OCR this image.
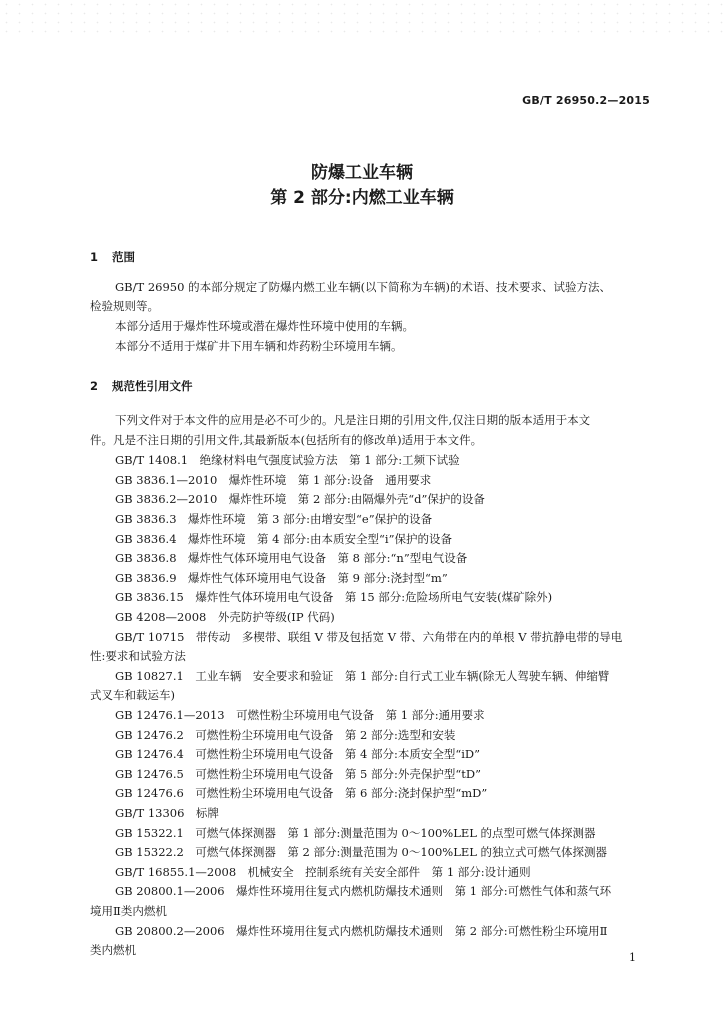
GB/T 26950.2—2015
防爆工业车辆
第 2 部分:内燃工业车辆
1 范围
GB/T 26950 的本部分规定了防爆内燃工业车辆(以下简称为车辆)的术语、技术要求、试验方法、
检验规则等。
本部分适用于爆炸性环境或潜在爆炸性环境中使用的车辆。
本部分不适用于煤矿井下用车辆和炸药粉尘环境用车辆。
2 规范性引用文件
下列文件对于本文件的应用是必不可少的。凡是注日期的引用文件,仅注日期的版本适用于本文
件。凡是不注日期的引用文件,其最新版本(包括所有的修改单)适用于本文件。
GB/T 1408.1　绝缘材料电气强度试验方法　第 1 部分:工频下试验
GB 3836.1—2010　爆炸性环境　第 1 部分:设备　通用要求
GB 3836.2—2010　爆炸性环境　第 2 部分:由隔爆外壳“d”保护的设备
GB 3836.3　爆炸性环境　第 3 部分:由增安型“e”保护的设备
GB 3836.4　爆炸性环境　第 4 部分:由本质安全型“i”保护的设备
GB 3836.8　爆炸性气体环境用电气设备　第 8 部分:“n”型电气设备
GB 3836.9　爆炸性气体环境用电气设备　第 9 部分:浇封型“m”
GB 3836.15　爆炸性气体环境用电气设备　第 15 部分:危险场所电气安装(煤矿除外)
GB 4208—2008　外壳防护等级(IP 代码)
GB/T 10715　带传动　多楔带、联组 V 带及包括宽 V 带、六角带在内的单根 V 带抗静电带的导电
性:要求和试验方法
GB 10827.1　工业车辆　安全要求和验证　第 1 部分:自行式工业车辆(除无人驾驶车辆、伸缩臂
式叉车和载运车)
GB 12476.1—2013　可燃性粉尘环境用电气设备　第 1 部分:通用要求
GB 12476.2　可燃性粉尘环境用电气设备　第 2 部分:选型和安装
GB 12476.4　可燃性粉尘环境用电气设备　第 4 部分:本质安全型“iD”
GB 12476.5　可燃性粉尘环境用电气设备　第 5 部分:外壳保护型“tD”
GB 12476.6　可燃性粉尘环境用电气设备　第 6 部分:浇封保护型“mD”
GB/T 13306　标牌
GB 15322.1　可燃气体探测器　第 1 部分:测量范围为 0～100%LEL 的点型可燃气体探测器
GB 15322.2　可燃气体探测器　第 2 部分:测量范围为 0～100%LEL 的独立式可燃气体探测器
GB/T 16855.1—2008　机械安全　控制系统有关安全部件　第 1 部分:设计通则
GB 20800.1—2006　爆炸性环境用往复式内燃机防爆技术通则　第 1 部分:可燃性气体和蒸气环
境用Ⅱ类内燃机
GB 20800.2—2006　爆炸性环境用往复式内燃机防爆技术通则　第 2 部分:可燃性粉尘环境用Ⅱ
类内燃机
1
